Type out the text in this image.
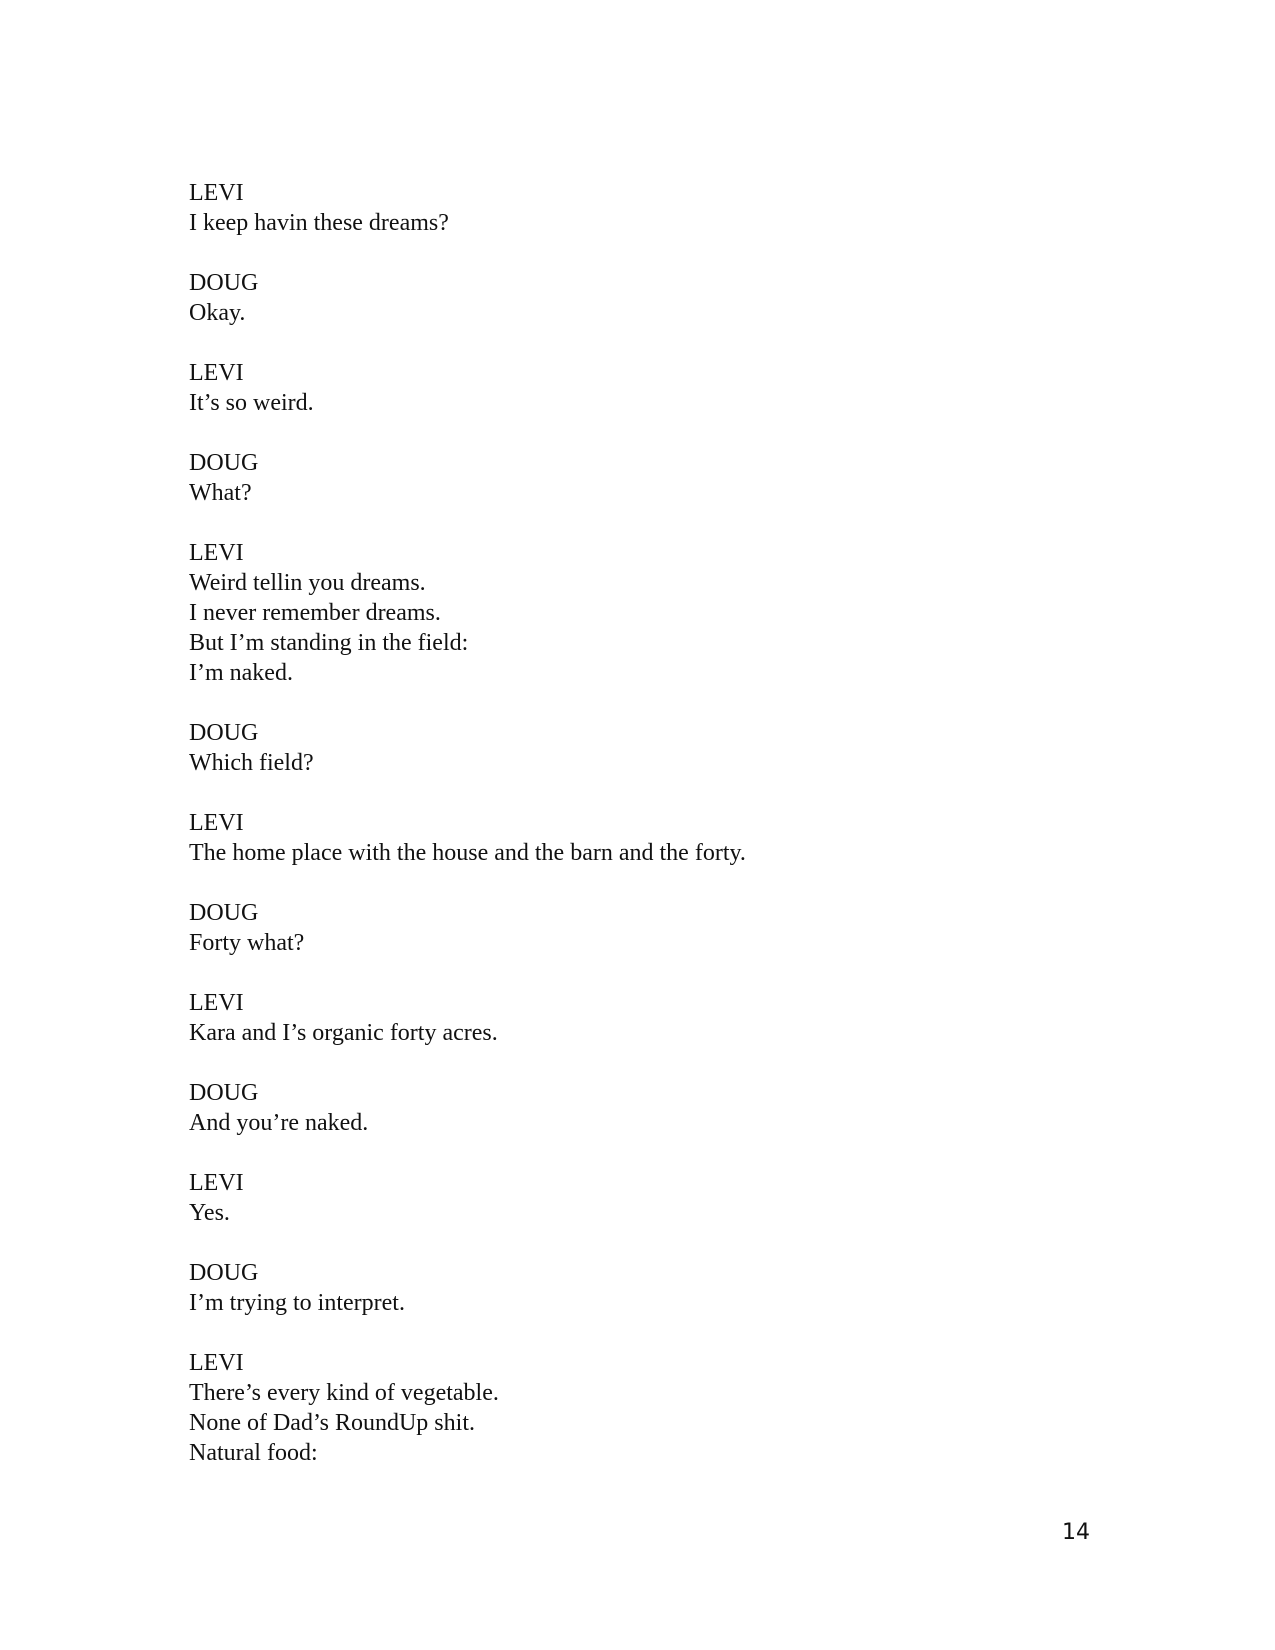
LEVI
I keep havin these dreams?
DOUG
Okay.
LEVI
It’s so weird.
DOUG
What?
LEVI
Weird tellin you dreams.
I never remember dreams.
But I’m standing in the field:
I’m naked.
DOUG
Which field?
LEVI
The home place with the house and the barn and the forty.
DOUG
Forty what?
LEVI
Kara and I’s organic forty acres.
DOUG
And you’re naked.
LEVI
Yes.
DOUG
I’m trying to interpret.
LEVI
There’s every kind of vegetable.
None of Dad’s RoundUp shit.
Natural food:
14
